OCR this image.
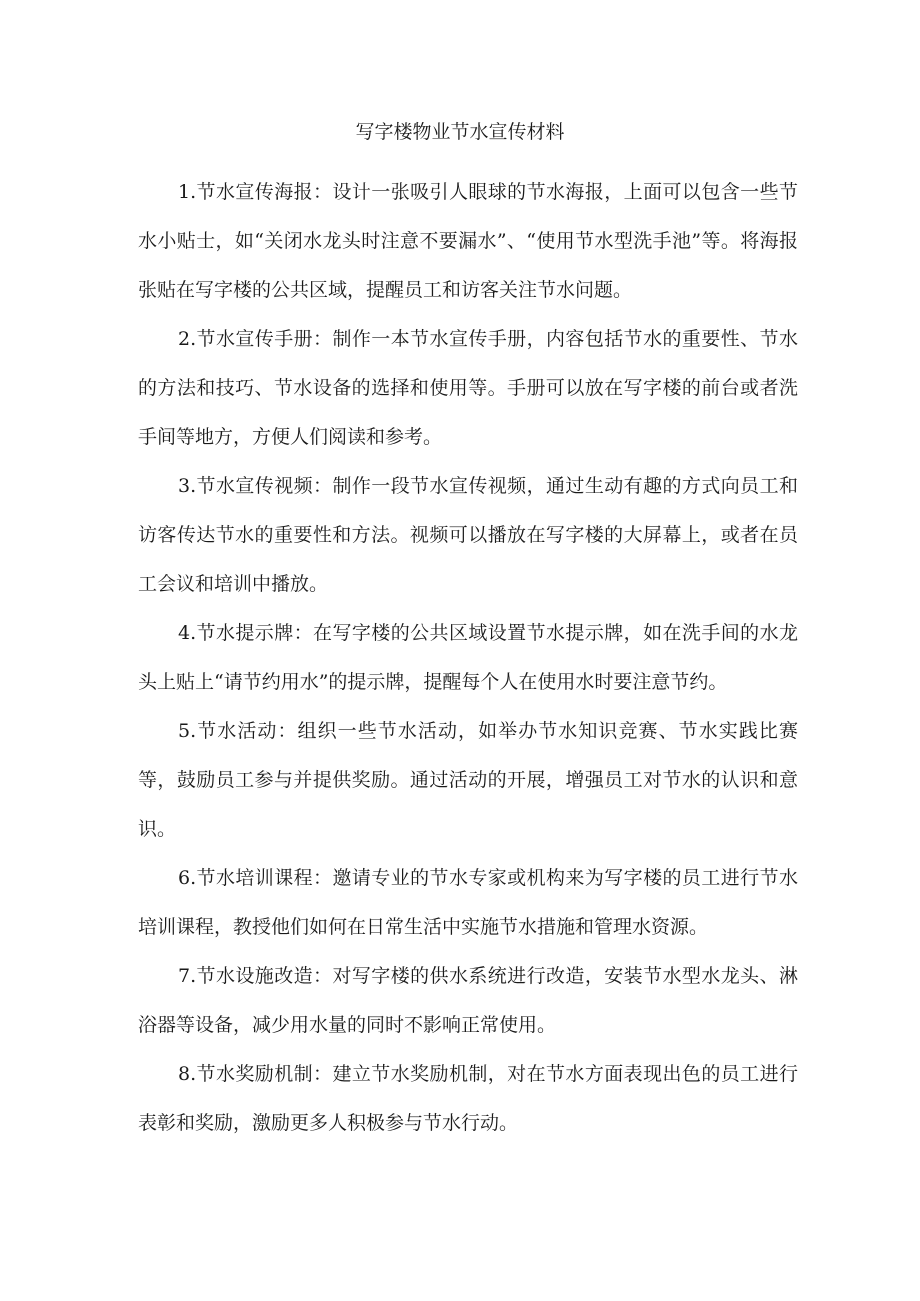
写字楼物业节水宣传材料

1.节水宣传海报：设计一张吸引人眼球的节水海报，上面可以包含一些节水小贴士，如“关闭水龙头时注意不要漏水”、“使用节水型洗手池”等。将海报张贴在写字楼的公共区域，提醒员工和访客关注节水问题。

2.节水宣传手册：制作一本节水宣传手册，内容包括节水的重要性、节水的方法和技巧、节水设备的选择和使用等。手册可以放在写字楼的前台或者洗手间等地方，方便人们阅读和参考。

3.节水宣传视频：制作一段节水宣传视频，通过生动有趣的方式向员工和访客传达节水的重要性和方法。视频可以播放在写字楼的大屏幕上，或者在员工会议和培训中播放。

4.节水提示牌：在写字楼的公共区域设置节水提示牌，如在洗手间的水龙头上贴上“请节约用水”的提示牌，提醒每个人在使用水时要注意节约。

5.节水活动：组织一些节水活动，如举办节水知识竞赛、节水实践比赛等，鼓励员工参与并提供奖励。通过活动的开展，增强员工对节水的认识和意识。

6.节水培训课程：邀请专业的节水专家或机构来为写字楼的员工进行节水培训课程，教授他们如何在日常生活中实施节水措施和管理水资源。

7.节水设施改造：对写字楼的供水系统进行改造，安装节水型水龙头、淋浴器等设备，减少用水量的同时不影响正常使用。

8.节水奖励机制：建立节水奖励机制，对在节水方面表现出色的员工进行表彰和奖励，激励更多人积极参与节水行动。
